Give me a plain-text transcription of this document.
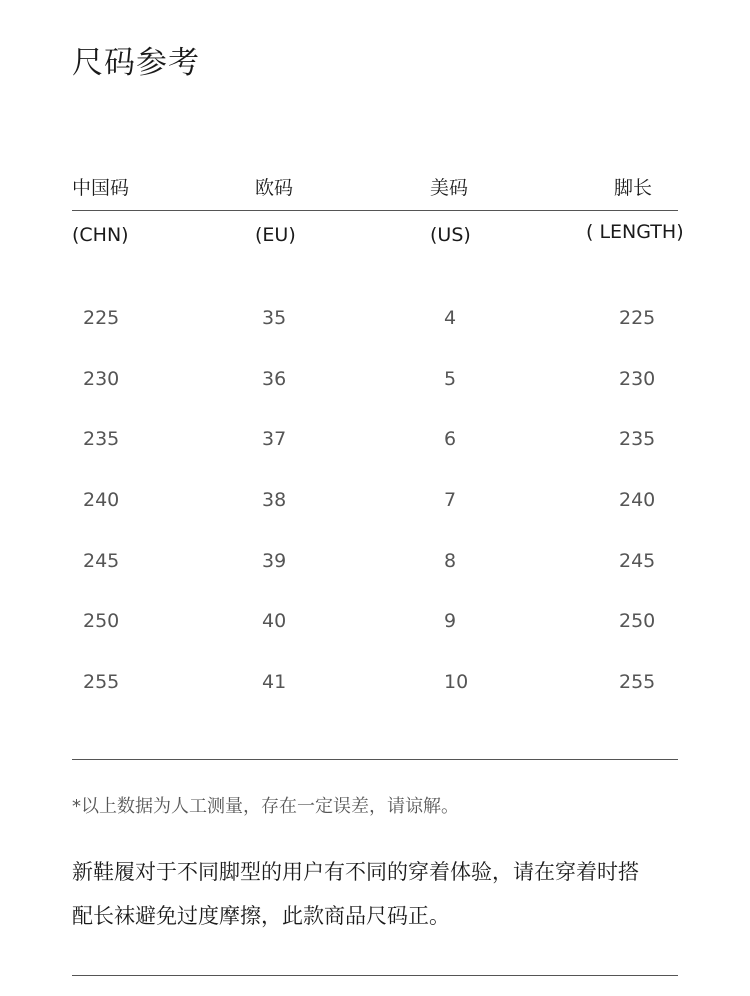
尺码参考
中国码	欧码	美码	脚长
(CHN)	(EU)	(US)	( LENGTH)
225	35	4	225
230	36	5	230
235	37	6	235
240	38	7	240
245	39	8	245
250	40	9	250
255	41	10	255

*以上数据为人工测量，存在一定误差，请谅解。

新鞋履对于不同脚型的用户有不同的穿着体验，请在穿着时搭
配长袜避免过度摩擦，此款商品尺码正。
